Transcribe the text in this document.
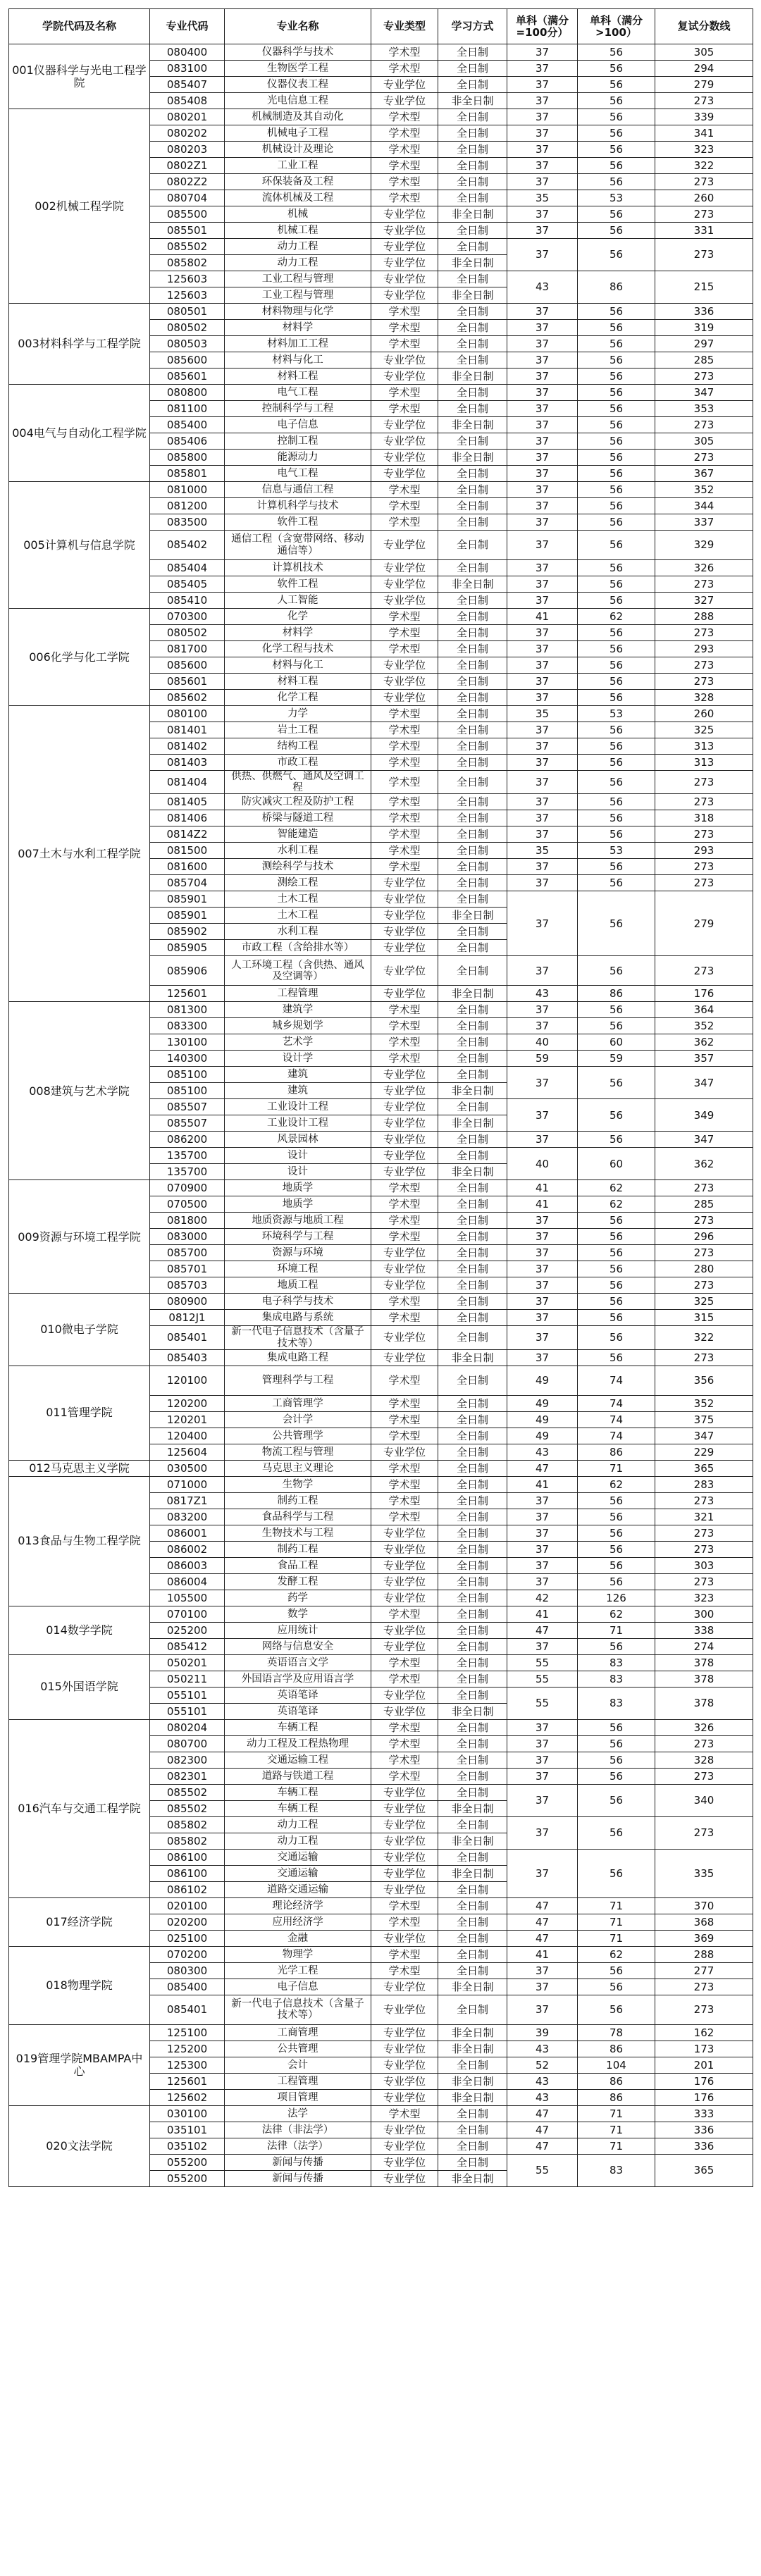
学院代码及名称	专业代码	专业名称	专业类型	学习方式	单科（满分=100分）	单科（满分>100）	复试分数线
001仪器科学与光电工程学院	080400	仪器科学与技术	学术型	全日制	37	56	305
	083100	生物医学工程	学术型	全日制	37	56	294
	085407	仪器仪表工程	专业学位	全日制	37	56	279
	085408	光电信息工程	专业学位	非全日制	37	56	273
002机械工程学院	080201	机械制造及其自动化	学术型	全日制	37	56	339
	080202	机械电子工程	学术型	全日制	37	56	341
	080203	机械设计及理论	学术型	全日制	37	56	323
	0802Z1	工业工程	学术型	全日制	37	56	322
	0802Z2	环保装备及工程	学术型	全日制	37	56	273
	080704	流体机械及工程	学术型	全日制	35	53	260
	085500	机械	专业学位	非全日制	37	56	273
	085501	机械工程	专业学位	全日制	37	56	331
	085502	动力工程	专业学位	全日制	37	56	273
	085802	动力工程	专业学位	非全日制			
	125603	工业工程与管理	专业学位	全日制	43	86	215
	125603	工业工程与管理	专业学位	非全日制			
003材料科学与工程学院	080501	材料物理与化学	学术型	全日制	37	56	336
	080502	材料学	学术型	全日制	37	56	319
	080503	材料加工工程	学术型	全日制	37	56	297
	085600	材料与化工	专业学位	全日制	37	56	285
	085601	材料工程	专业学位	非全日制	37	56	273
004电气与自动化工程学院	080800	电气工程	学术型	全日制	37	56	347
	081100	控制科学与工程	学术型	全日制	37	56	353
	085400	电子信息	专业学位	非全日制	37	56	273
	085406	控制工程	专业学位	全日制	37	56	305
	085800	能源动力	专业学位	非全日制	37	56	273
	085801	电气工程	专业学位	全日制	37	56	367
005计算机与信息学院	081000	信息与通信工程	学术型	全日制	37	56	352
	081200	计算机科学与技术	学术型	全日制	37	56	344
	083500	软件工程	学术型	全日制	37	56	337
	085402	通信工程（含宽带网络、移动通信等）	专业学位	全日制	37	56	329
	085404	计算机技术	专业学位	全日制	37	56	326
	085405	软件工程	专业学位	非全日制	37	56	273
	085410	人工智能	专业学位	全日制	37	56	327
006化学与化工学院	070300	化学	学术型	全日制	41	62	288
	080502	材料学	学术型	全日制	37	56	273
	081700	化学工程与技术	学术型	全日制	37	56	293
	085600	材料与化工	专业学位	全日制	37	56	273
	085601	材料工程	专业学位	全日制	37	56	273
	085602	化学工程	专业学位	全日制	37	56	328
007土木与水利工程学院	080100	力学	学术型	全日制	35	53	260
	081401	岩土工程	学术型	全日制	37	56	325
	081402	结构工程	学术型	全日制	37	56	313
	081403	市政工程	学术型	全日制	37	56	313
	081404	供热、供燃气、通风及空调工程	学术型	全日制	37	56	273
	081405	防灾减灾工程及防护工程	学术型	全日制	37	56	273
	081406	桥梁与隧道工程	学术型	全日制	37	56	318
	0814Z2	智能建造	学术型	全日制	37	56	273
	081500	水利工程	学术型	全日制	35	53	293
	081600	测绘科学与技术	学术型	全日制	37	56	273
	085704	测绘工程	专业学位	全日制	37	56	273
	085901	土木工程	专业学位	全日制	37	56	279
	085901	土木工程	专业学位	非全日制			
	085902	水利工程	专业学位	全日制			
	085905	市政工程（含给排水等）	专业学位	全日制			
	085906	人工环境工程（含供热、通风及空调等）	专业学位	全日制	37	56	273
	125601	工程管理	专业学位	非全日制	43	86	176
008建筑与艺术学院	081300	建筑学	学术型	全日制	37	56	364
	083300	城乡规划学	学术型	全日制	37	56	352
	130100	艺术学	学术型	全日制	40	60	362
	140300	设计学	学术型	全日制	59	59	357
	085100	建筑	专业学位	全日制	37	56	347
	085100	建筑	专业学位	非全日制			
	085507	工业设计工程	专业学位	全日制	37	56	349
	085507	工业设计工程	专业学位	非全日制			
	086200	风景园林	专业学位	全日制	37	56	347
	135700	设计	专业学位	全日制	40	60	362
	135700	设计	专业学位	非全日制			
009资源与环境工程学院	070900	地质学	学术型	全日制	41	62	273
	070500	地质学	学术型	全日制	41	62	285
	081800	地质资源与地质工程	学术型	全日制	37	56	273
	083000	环境科学与工程	学术型	全日制	37	56	296
	085700	资源与环境	专业学位	全日制	37	56	273
	085701	环境工程	专业学位	全日制	37	56	280
	085703	地质工程	专业学位	全日制	37	56	273
010微电子学院	080900	电子科学与技术	学术型	全日制	37	56	325
	0812J1	集成电路与系统	学术型	全日制	37	56	315
	085401	新一代电子信息技术（含量子技术等）	专业学位	全日制	37	56	322
	085403	集成电路工程	专业学位	非全日制	37	56	273
011管理学院	120100	管理科学与工程	学术型	全日制	49	74	356
	120200	工商管理学	学术型	全日制	49	74	352
	120201	会计学	学术型	全日制	49	74	375
	120400	公共管理学	学术型	全日制	49	74	347
	125604	物流工程与管理	专业学位	全日制	43	86	229
012马克思主义学院	030500	马克思主义理论	学术型	全日制	47	71	365
013食品与生物工程学院	071000	生物学	学术型	全日制	41	62	283
	0817Z1	制药工程	学术型	全日制	37	56	273
	083200	食品科学与工程	学术型	全日制	37	56	321
	086001	生物技术与工程	专业学位	全日制	37	56	273
	086002	制药工程	专业学位	全日制	37	56	273
	086003	食品工程	专业学位	全日制	37	56	303
	086004	发酵工程	专业学位	全日制	37	56	273
	105500	药学	专业学位	全日制	42	126	323
014数学学院	070100	数学	学术型	全日制	41	62	300
	025200	应用统计	专业学位	全日制	47	71	338
	085412	网络与信息安全	专业学位	全日制	37	56	274
015外国语学院	050201	英语语言文学	学术型	全日制	55	83	378
	050211	外国语言学及应用语言学	学术型	全日制	55	83	378
	055101	英语笔译	专业学位	全日制	55	83	378
	055101	英语笔译	专业学位	非全日制			
016汽车与交通工程学院	080204	车辆工程	学术型	全日制	37	56	326
	080700	动力工程及工程热物理	学术型	全日制	37	56	273
	082300	交通运输工程	学术型	全日制	37	56	328
	082301	道路与铁道工程	学术型	全日制	37	56	273
	085502	车辆工程	专业学位	全日制	37	56	340
	085502	车辆工程	专业学位	非全日制			
	085802	动力工程	专业学位	全日制	37	56	273
	085802	动力工程	专业学位	非全日制			
	086100	交通运输	专业学位	全日制	37	56	335
	086100	交通运输	专业学位	非全日制			
	086102	道路交通运输	专业学位	全日制			
017经济学院	020100	理论经济学	学术型	全日制	47	71	370
	020200	应用经济学	学术型	全日制	47	71	368
	025100	金融	专业学位	全日制	47	71	369
018物理学院	070200	物理学	学术型	全日制	41	62	288
	080300	光学工程	学术型	全日制	37	56	277
	085400	电子信息	专业学位	非全日制	37	56	273
	085401	新一代电子信息技术（含量子技术等）	专业学位	全日制	37	56	273
019管理学院MBAMPA中心	125100	工商管理	专业学位	非全日制	39	78	162
	125200	公共管理	专业学位	非全日制	43	86	173
	125300	会计	专业学位	全日制	52	104	201
	125601	工程管理	专业学位	非全日制	43	86	176
	125602	项目管理	专业学位	非全日制	43	86	176
020文法学院	030100	法学	学术型	全日制	47	71	333
	035101	法律（非法学）	专业学位	全日制	47	71	336
	035102	法律（法学）	专业学位	全日制	47	71	336
	055200	新闻与传播	专业学位	全日制	55	83	365
	055200	新闻与传播	专业学位	非全日制			
